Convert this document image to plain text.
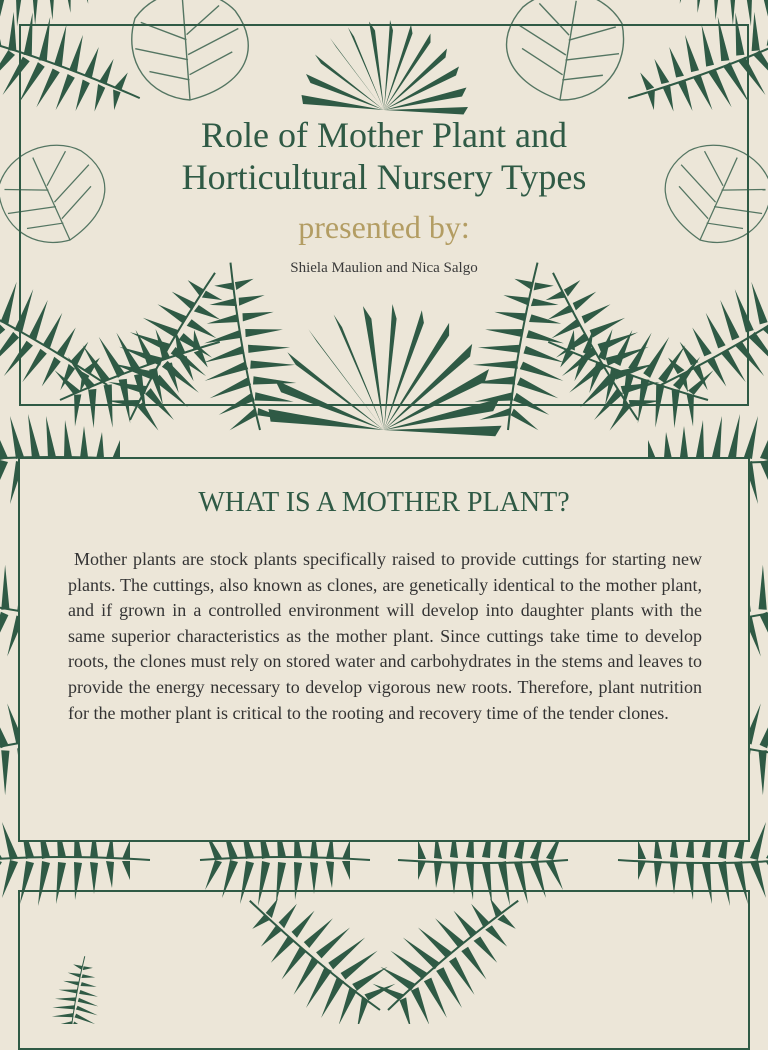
Role of Mother Plant and
Horticultural Nursery Types
presented by:
Shiela Maulion and Nica Salgo
WHAT IS A MOTHER PLANT?

Mother plants are stock plants specifically raised to provide cuttings for starting new plants. The cuttings, also known as clones, are genetically identical to the mother plant, and if grown in a controlled environment will develop into daughter plants with the same superior characteristics as the mother plant. Since cuttings take time to develop roots, the clones must rely on stored water and carbohydrates in the stems and leaves to provide the energy necessary to develop vigorous new roots. Therefore, plant nutrition for the mother plant is critical to the rooting and recovery time of the tender clones.
